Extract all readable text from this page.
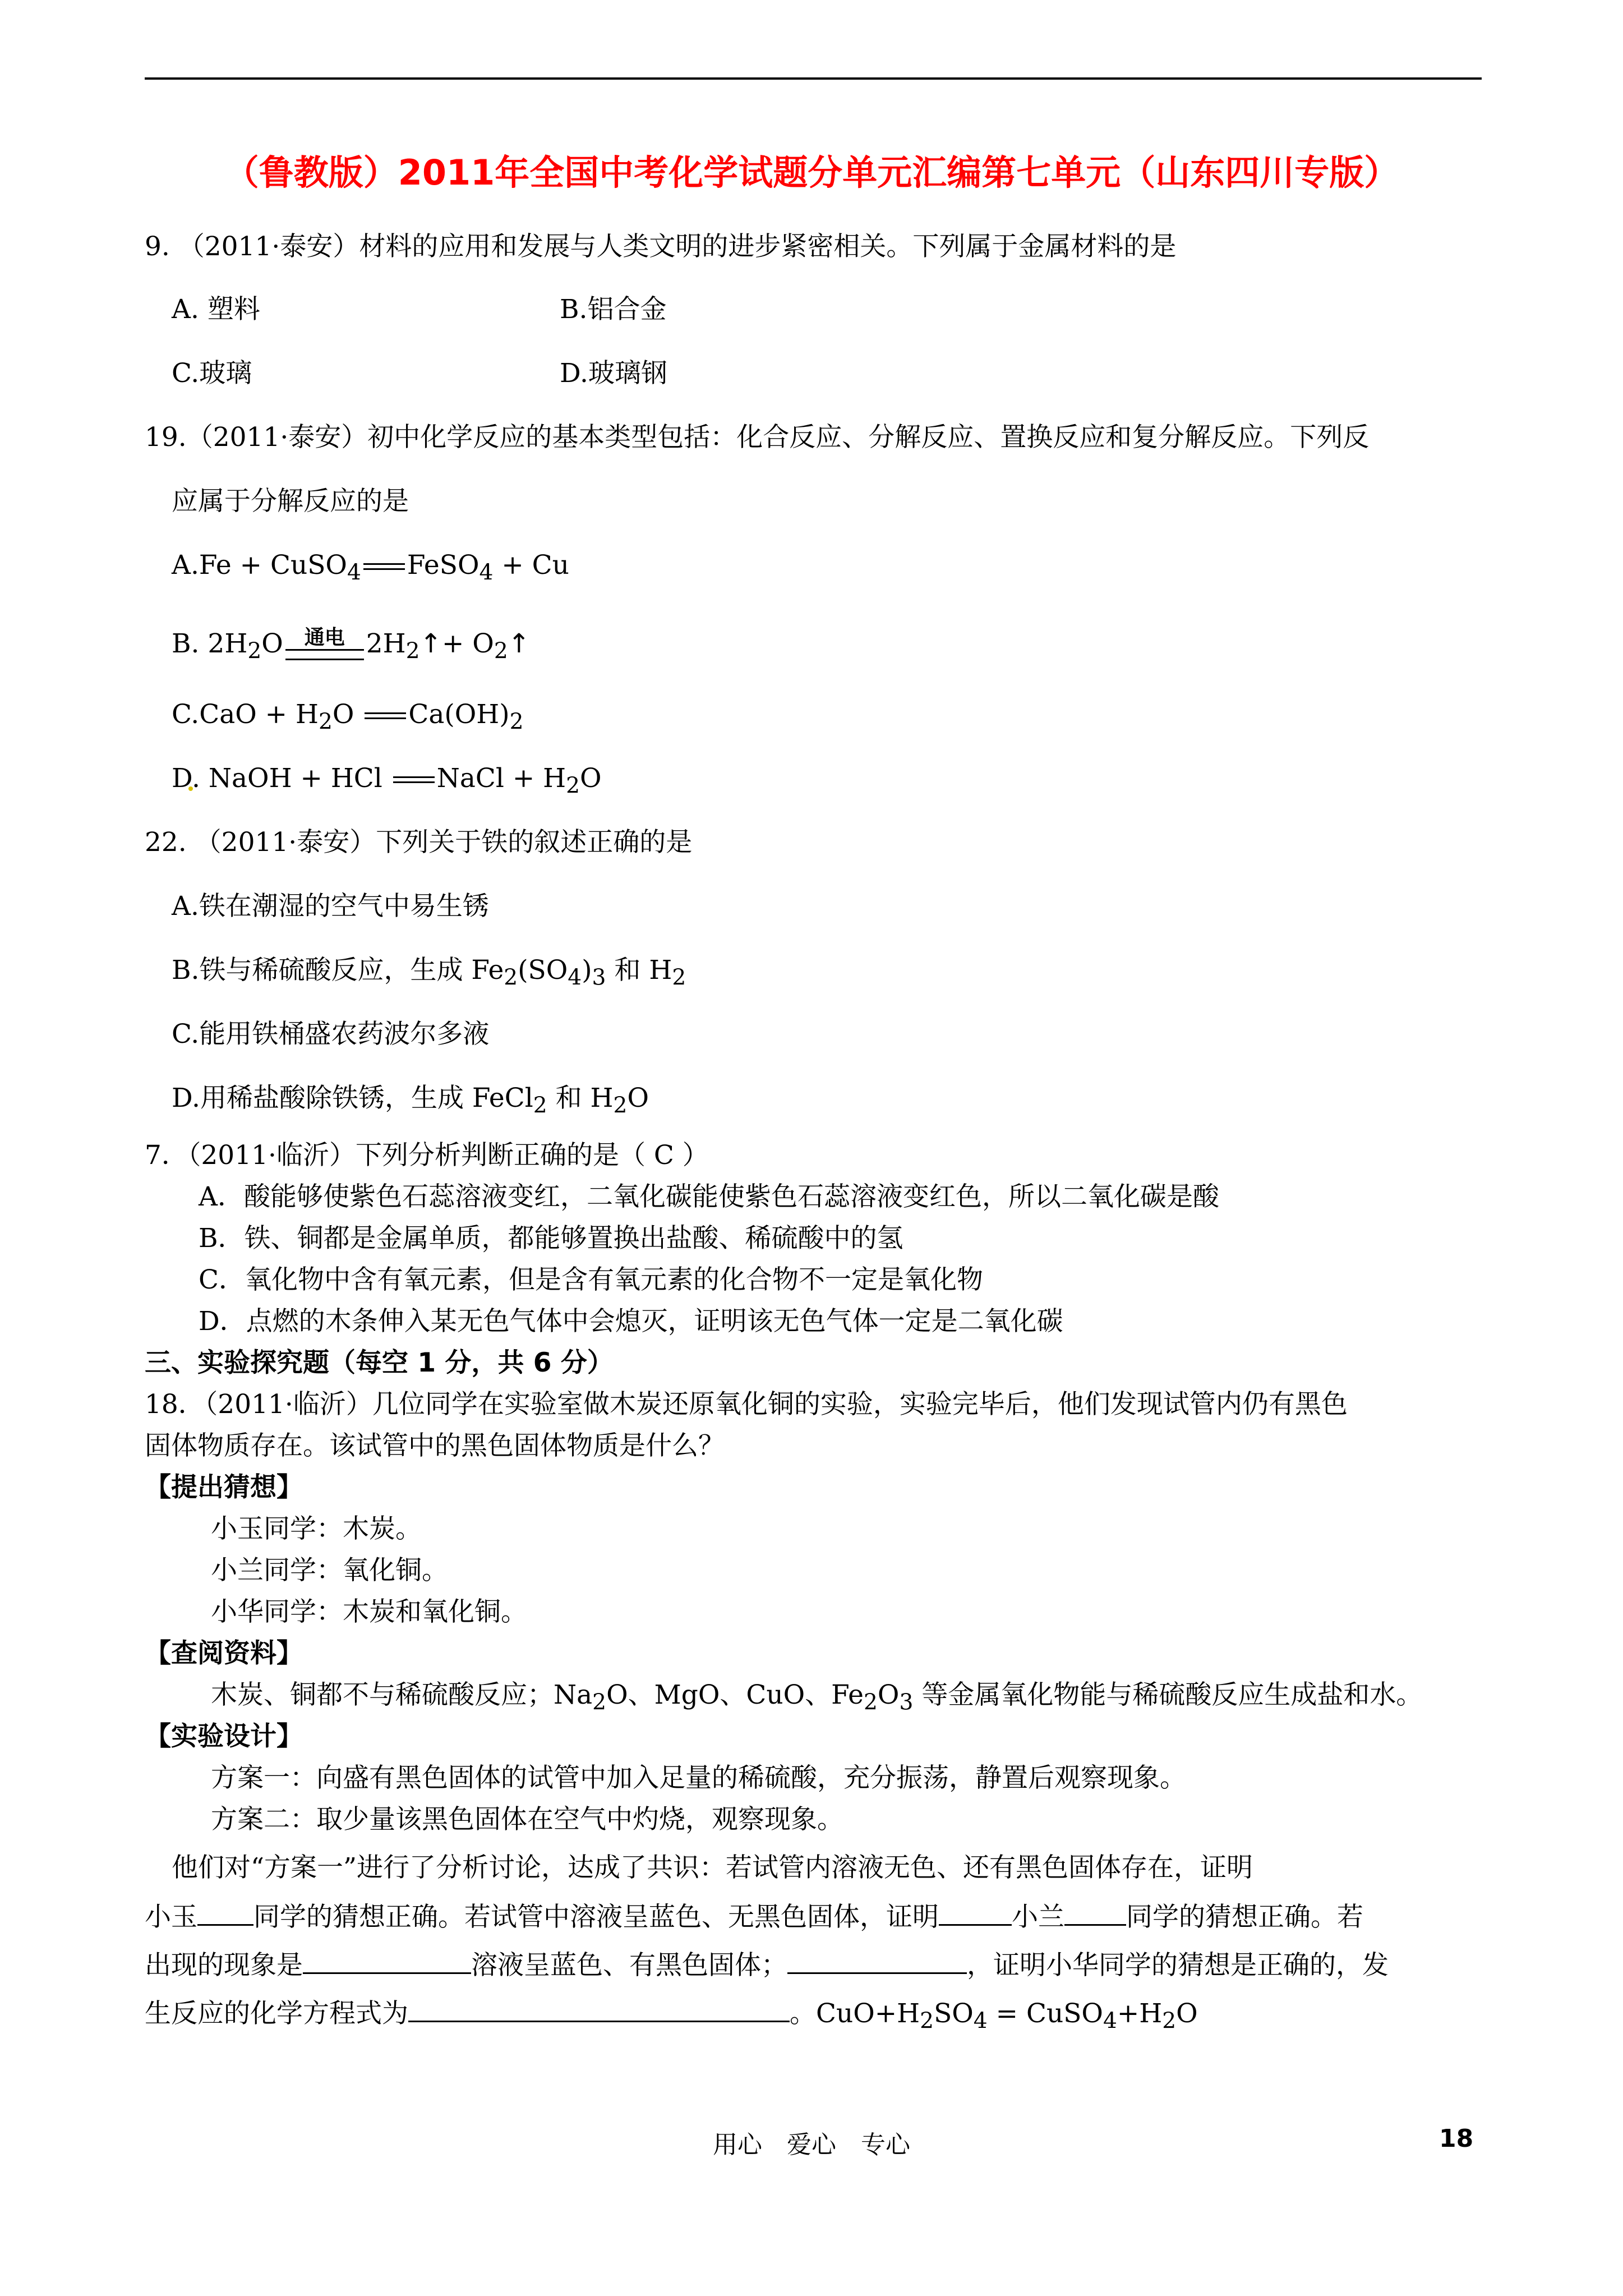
（鲁教版）2011年全国中考化学试题分单元汇编第七单元（山东四川专版）
9. （2011·泰安）材料的应用和发展与人类文明的进步紧密相关。下列属于金属材料的是
A. 塑料	B.铝合金
C.玻璃	D.玻璃钢
19.（2011·泰安）初中化学反应的基本类型包括：化合反应、分解反应、置换反应和复分解反应。下列反
应属于分解反应的是
A.Fe + CuSO$_4$ FeSO$_4$ + Cu
B. $2H_2O$	通电 $2H_2↑+$ $O_2↑$
$C.CaO + H_2O$ $Ca(OH)_2$
D. NaOH + HCl NaCl + $H_2O$
22. （2011·泰安）下列关于铁的叙述正确的是
A.铁在潮湿的空气中易生锈
B.铁与稀硫酸反应，生成 $Fe_2(SO_4)_3$ 和 $H_2$
C.能用铁桶盛农药波尔多液
D.用稀盐酸除铁锈，生成 FeCl$_2$ 和 $H_2O$
7．（2011·临沂）下列分析判断正确的是（ C ）
A．酸能够使紫色石蕊溶液变红，二氧化碳能使紫色石蕊溶液变红色，所以二氧化碳是酸
B．铁、铜都是金属单质，都能够置换出盐酸、稀硫酸中的氢
C．氧化物中含有氧元素，但是含有氧元素的化合物不一定是氧化物
D．点燃的木条伸入某无色气体中会熄灭，证明该无色气体一定是二氧化碳
三、实验探究题（每空 1 分，共 6 分）
18．（2011·临沂）几位同学在实验室做木炭还原氧化铜的实验，实验完毕后，他们发现试管内仍有黑色
固体物质存在。该试管中的黑色固体物质是什么？
【提出猜想】
小玉同学：木炭。
小兰同学：氧化铜。
小华同学：木炭和氧化铜。
【查阅资料】
木炭、铜都不与稀硫酸反应；$Na_2O$、MgO、CuO、$Fe_2O_3$ 等金属氧化物能与稀硫酸反应生成盐和水。
【实验设计】
方案一：向盛有黑色固体的试管中加入足量的稀硫酸，充分振荡，静置后观察现象。
方案二：取少量该黑色固体在空气中灼烧，观察现象。
他们对“方案一”进行了分析讨论，达成了共识：若试管内溶液无色、还有黑色固体存在，证明
小玉 同学的猜想正确。若试管中溶液呈蓝色、无黑色固体，证明	小兰 同学的猜想正确。若
出现的现象是	溶液呈蓝色、有黑色固体；	，证明小华同学的猜想是正确的，发
生反应的化学方程式为	。$CuO+H_2SO_4$ = $CuSO_4+H_2O$
用心　爱心　专心	18
